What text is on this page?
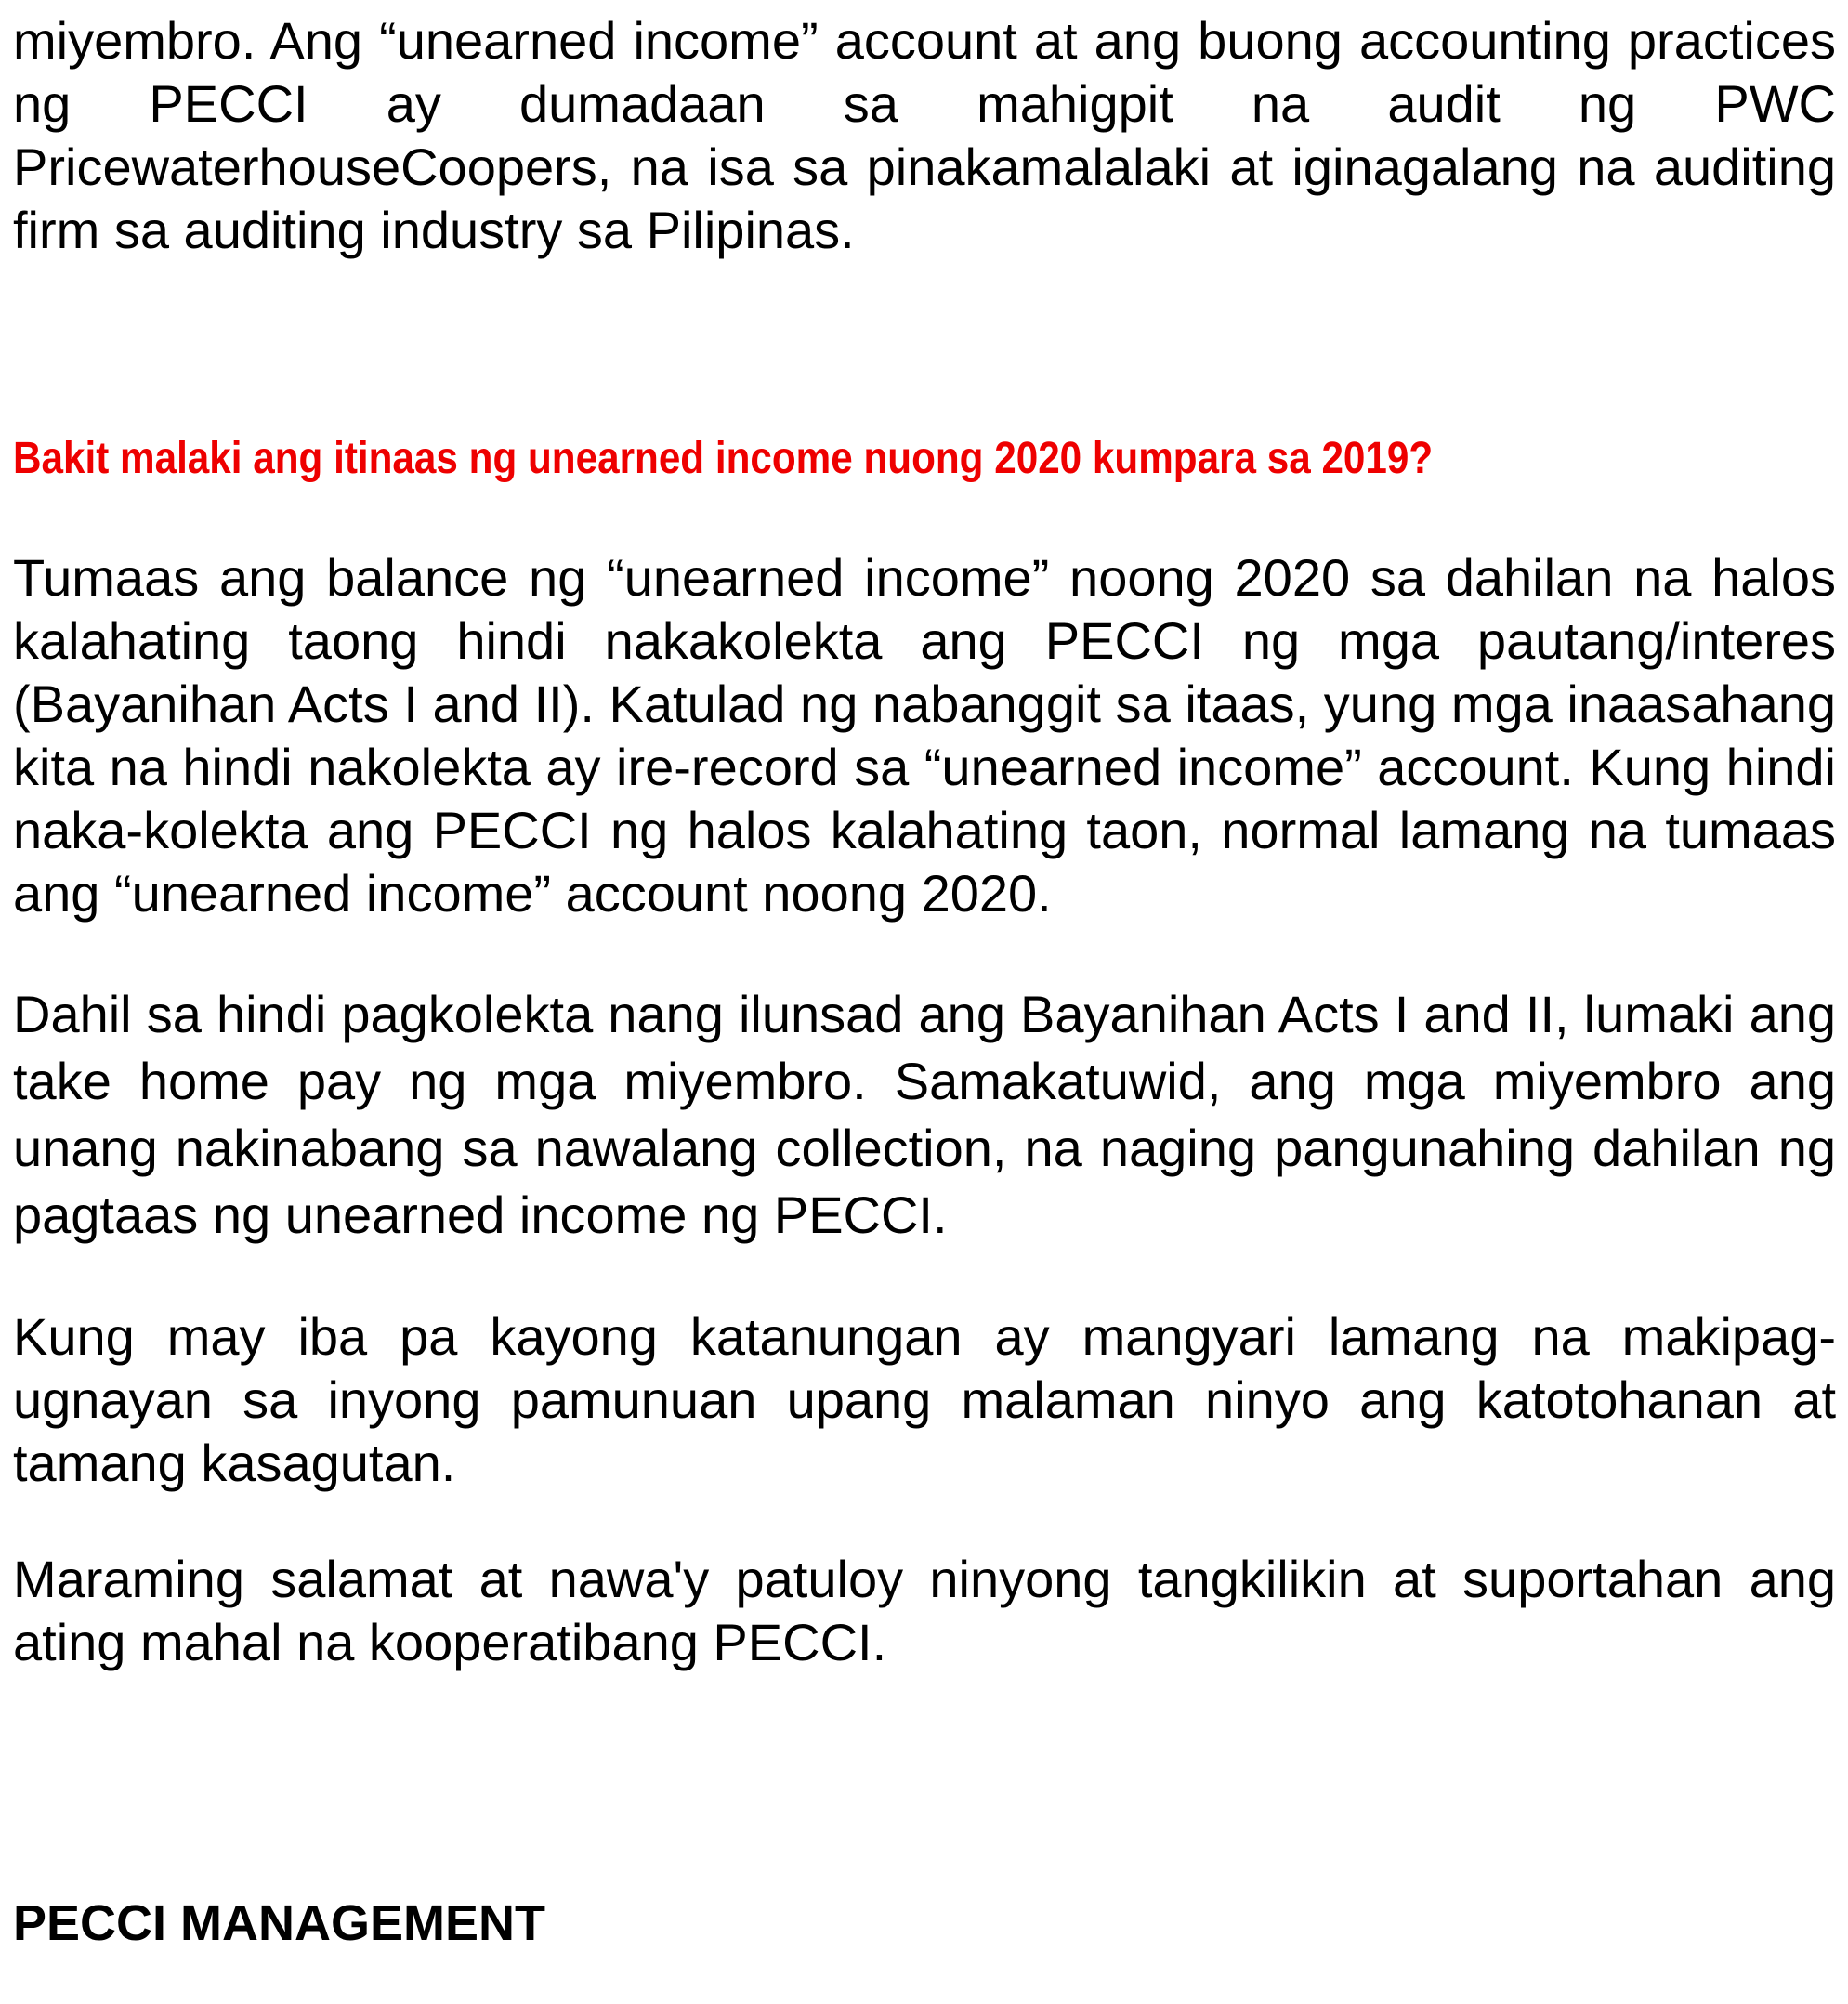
miyembro. Ang “unearned income” account at ang buong accounting practices ng PECCI ay dumadaan sa mahigpit na audit ng PWC PricewaterhouseCoopers, na isa sa pinakamalalaki at iginagalang na auditing firm sa auditing industry sa Pilipinas.

Bakit malaki ang itinaas ng unearned income nuong 2020 kumpara sa 2019?

Tumaas ang balance ng “unearned income” noong 2020 sa dahilan na halos kalahating taong hindi nakakolekta ang PECCI ng mga pautang/interes (Bayanihan Acts I and II). Katulad ng nabanggit sa itaas, yung mga inaasahang kita na hindi nakolekta ay ire-record sa “unearned income” account. Kung hindi naka-kolekta ang PECCI ng halos kalahating taon, normal lamang na tumaas ang “unearned income” account noong 2020.

Dahil sa hindi pagkolekta nang ilunsad ang Bayanihan Acts I and II, lumaki ang take home pay ng mga miyembro. Samakatuwid, ang mga miyembro ang unang nakinabang sa nawalang collection, na naging pangunahing dahilan ng pagtaas ng unearned income ng PECCI.

Kung may iba pa kayong katanungan ay mangyari lamang na makipag-ugnayan sa inyong pamunuan upang malaman ninyo ang katotohanan at tamang kasagutan.

Maraming salamat at nawa'y patuloy ninyong tangkilikin at suportahan ang ating mahal na kooperatibang PECCI.

PECCI MANAGEMENT
